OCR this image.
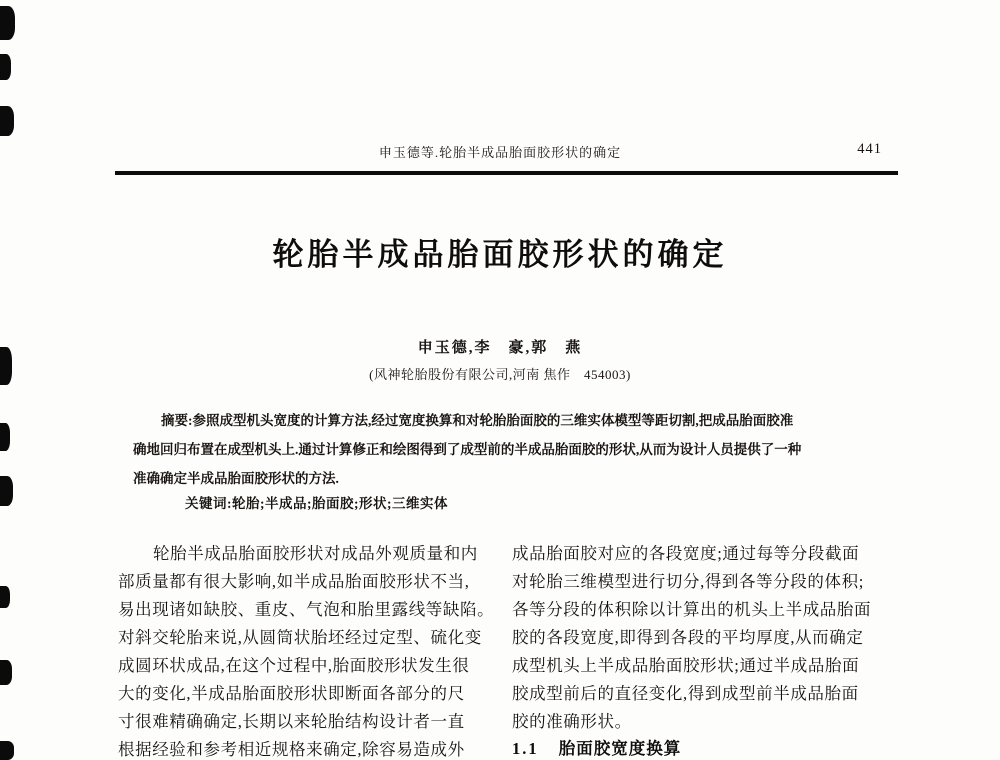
申玉德等.轮胎半成品胎面胶形状的确定	441
轮胎半成品胎面胶形状的确定
申玉德,李　豪,郭　燕
(风神轮胎股份有限公司,河南 焦作　454003)
摘要:参照成型机头宽度的计算方法,经过宽度换算和对轮胎胎面胶的三维实体模型等距切割,把成品胎面胶准
确地回归布置在成型机头上.通过计算修正和绘图得到了成型前的半成品胎面胶的形状,从而为设计人员提供了一种
准确确定半成品胎面胶形状的方法.
关键词:轮胎;半成品;胎面胶;形状;三维实体
轮胎半成品胎面胶形状对成品外观质量和内
部质量都有很大影响,如半成品胎面胶形状不当,
易出现诸如缺胶、重皮、气泡和胎里露线等缺陷。
对斜交轮胎来说,从圆筒状胎坯经过定型、硫化变
成圆环状成品,在这个过程中,胎面胶形状发生很
大的变化,半成品胎面胶形状即断面各部分的尺
寸很难精确确定,长期以来轮胎结构设计者一直
根据经验和参考相近规格来确定,除容易造成外
成品胎面胶对应的各段宽度;通过每等分段截面
对轮胎三维模型进行切分,得到各等分段的体积;
各等分段的体积除以计算出的机头上半成品胎面
胶的各段宽度,即得到各段的平均厚度,从而确定
成型机头上半成品胎面胶形状;通过半成品胎面
胶成型前后的直径变化,得到成型前半成品胎面
胶的准确形状。
1.1 胎面胶宽度换算
